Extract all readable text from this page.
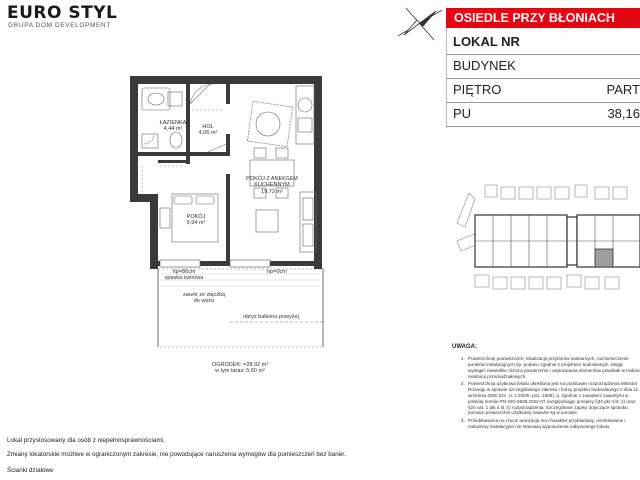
EURO STYL
GRUPA DOM DEVELOPMENT
OSIEDLE PRZY BŁONIACH
LOKAL NR
BUDYNEK
PIĘTRO	PART
PU	38,16
ŁAZIENKA
4,44 m²	HOL
4,06 m²
POKÓJ Z ANEKSEM
KUCHENNYM
19,72 m²
POKÓJ
9,94 m²
hp=86cm
spaska żwirowa
hp=0cm
zawór ze złączką
do węża
obrys balkonu powyżej
OGRÓDEK: =28,92 m²
w tym taras: 5,60 m²
UWAGA:
1. Powierzchnię pomieszczeń, lokalizację przyborów sanitarnych, rozmieszczenie punktów instalacyjnych itp. podano zgodnie z projektem budowlanym. Mogą wystąpić niewielkie różnice powierzchni i usytuowania elementów powstałe w trakcie realizacji przeciwdziałowych.
2. Powierzchnia użytkowa lokalu określona jest na podstawie rozporządzenia Ministra Rozwoju w sprawie szczegółowego zakresu i formy projektu budowlanego z dnia 11 września 2020 (Dz. U. z 2020r. poz. 1609), tj. zgodnie z zasadami zawartymi w polskiej normie PN-ISO 9836:2022-07 uwzględniając przepisy §34 pkt 4 lit. z) oraz §20 ust. 1 pkt 4 lit. b) rozporządzenia. Szczegółowe zapisy dotyczące sposobu pomiaru powierzchni użytkowej zawarte są w umowie.
3. Przedstawiona na rzucie aranżacja ma charakter przykładowy, umeblowanie i zabudowy instalacyjne nie stanowią wyposażenia nabywanego lokalu.
Lokal przystosowany dla osób z niepełnosprawnościami.
Zmiany lokatorskie możliwe w ograniczonym zakresie, nie powodujące naruszenia wymogów dla pomieszczeń bez barier.
Ścianki działowe
